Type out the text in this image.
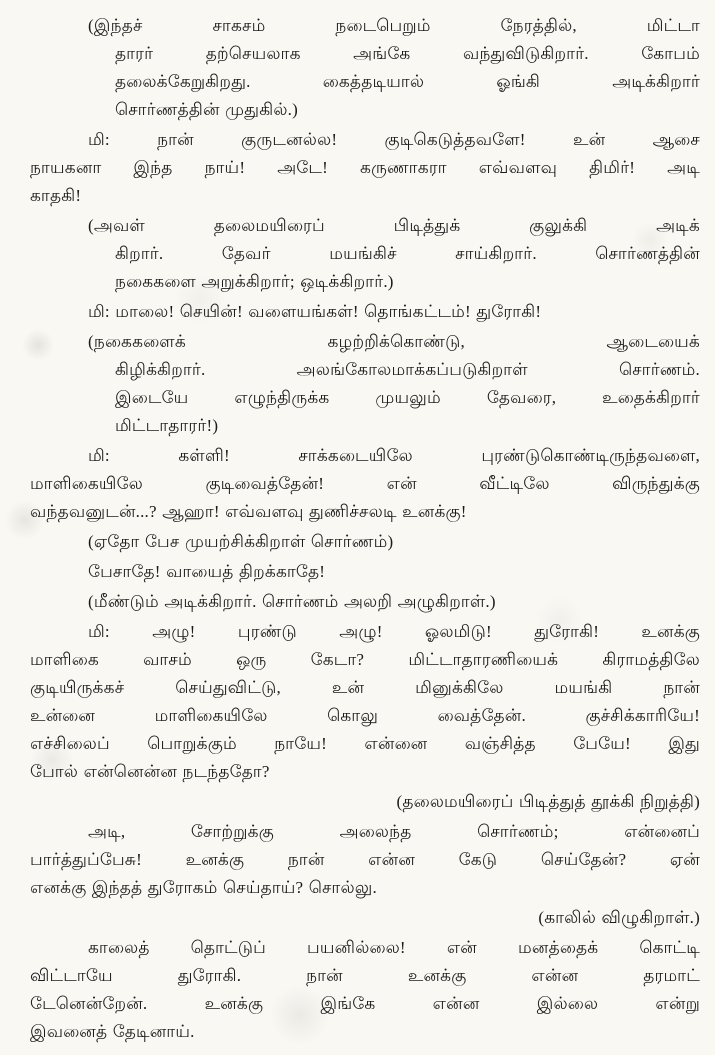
(இந்தச் சாகசம் நடைபெறும் நேரத்தில், மிட்டா
தாரர் தற்செயலாக அங்கே வந்துவிடுகிறார். கோபம்
தலைக்கேறுகிறது. கைத்தடியால் ஓங்கி அடிக்கிறார்
சொர்ணத்தின் முதுகில்.)
மி: நான் குருடனல்ல! குடிகெடுத்தவளே! உன் ஆசை
நாயகனா இந்த நாய்! அடே! கருணாகரா எவ்வளவு திமிர்! அடி
காதகி!
(அவள் தலைமயிரைப் பிடித்துக் குலுக்கி அடிக்
கிறார். தேவர் மயங்கிச் சாய்கிறார். சொர்ணத்தின்
நகைகளை அறுக்கிறார்; ஒடிக்கிறார்.)
மி: மாலை! செயின்! வளையங்கள்! தொங்கட்டம்! துரோகி!
(நகைகளைக் கழற்றிக்கொண்டு, ஆடையைக்
கிழிக்கிறார். அலங்கோலமாக்கப்படுகிறாள் சொர்ணம்.
இடையே எழுந்திருக்க முயலும் தேவரை, உதைக்கிறார்
மிட்டாதாரர்!)
மி: கள்ளி! சாக்கடையிலே புரண்டுகொண்டிருந்தவளை,
மாளிகையிலே குடிவைத்தேன்! என் வீட்டிலே விருந்துக்கு
வந்தவனுடன்...? ஆஹா! எவ்வளவு துணிச்சலடி உனக்கு!
(ஏதோ பேச முயற்சிக்கிறாள் சொர்ணம்)
பேசாதே! வாயைத் திறக்காதே!
(மீண்டும் அடிக்கிறார். சொர்ணம் அலறி அழுகிறாள்.)
மி: அழு! புரண்டு அழு! ஓலமிடு! துரோகி! உனக்கு
மாளிகை வாசம் ஒரு கேடா? மிட்டாதாரணியைக் கிராமத்திலே
குடியிருக்கச் செய்துவிட்டு, உன் மினுக்கிலே மயங்கி நான்
உன்னை மாளிகையிலே கொலு வைத்தேன். குச்சிக்காரியே!
எச்சிலைப் பொறுக்கும் நாயே! என்னை வஞ்சித்த பேயே! இது
போல் என்னென்ன நடந்ததோ?
(தலைமயிரைப் பிடித்துத் தூக்கி நிறுத்தி)
அடி, சோற்றுக்கு அலைந்த சொர்ணம்; என்னைப்
பார்த்துப்பேசு! உனக்கு நான் என்ன கேடு செய்தேன்? ஏன்
எனக்கு இந்தத் துரோகம் செய்தாய்? சொல்லு.
(காலில் விழுகிறாள்.)
காலைத் தொட்டுப் பயனில்லை! என் மனத்தைக் கொட்டி
விட்டாயே துரோகி. நான் உனக்கு என்ன தரமாட்
டேனென்றேன். உனக்கு இங்கே என்ன இல்லை என்று
இவனைத் தேடினாய்.
